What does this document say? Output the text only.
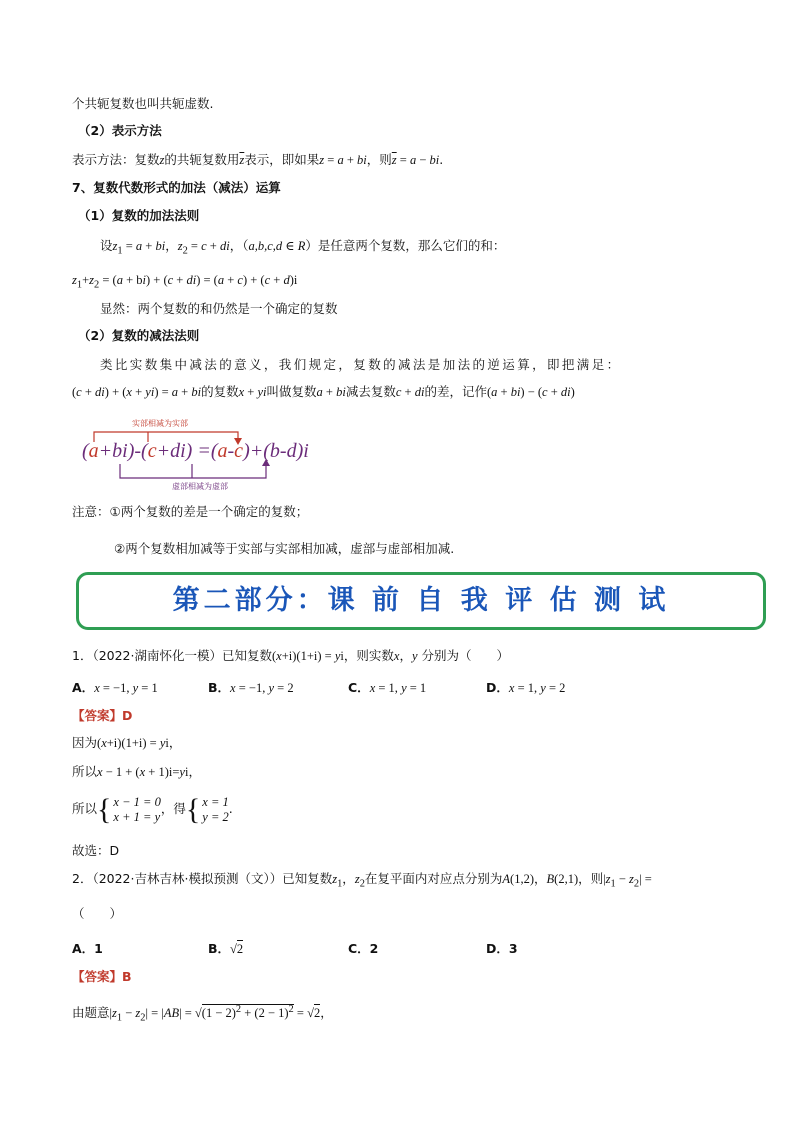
个共轭复数也叫共轭虚数.
（2）表示方法
表示方法：复数z的共轭复数用$\overline{z}$表示，即如果z = a + bi，则$\overline{z} = a$ − bi.
7、复数代数形式的加法（减法）运算
（1）复数的加法法则
设$z_1 = a$ + bi，$z_2 = c$ + di，（a,b,c,d ∈ R）是任意两个复数，那么它们的和：
$z_1+z_2 = (a + bi) + (c + di) = (a + c) + (c + d)i$
显然：两个复数的和仍然是一个确定的复数
（2）复数的减法法则
类比实数集中减法的意义，我们规定，复数的减法是加法的逆运算，即把满足：
(c + di) + (x + yi) = a + bi的复数x + yi叫做复数a + bi减去复数c + di的差，记作(a + bi) − (c + di)
实部相减为实部
(a+bi)-(c+di) =(a-c)+(b-d)i
虚部相减为虚部
注意：①两个复数的差是一个确定的复数；
②两个复数相加减等于实部与实部相加减，虚部与虚部相加减.
第二部分：课 前 自 我 评 估 测 试
1．（2022·湖南怀化一模）已知复数(x+i)(1+i) = yi，则实数x，y 分别为（　　）
A．x = −1, y = 1	B．x = −1, y = 2	C．x = 1, y = 1	D．x = 1, y = 2
【答案】D
因为(x+i)(1+i) = yi，
所以x − 1 + (x + 1)i=yi，
所以 { x − 1 = 0
x + 1 = y
，得 { x = 1
y = 2
.
故选：D
2．（2022·吉林吉林·模拟预测（文））已知复数$z_1$，$z_2$在复平面内对应点分别为A(1,2)，B(2,1)，则$|z_1 - z_2|$ =
（　　）
A．1	B．√2	C．2	D．3
【答案】B
由题意$|z_1 - z_2| = |AB| = √(1 - 2)^2 + (2 - 1)^2 = √2$，
